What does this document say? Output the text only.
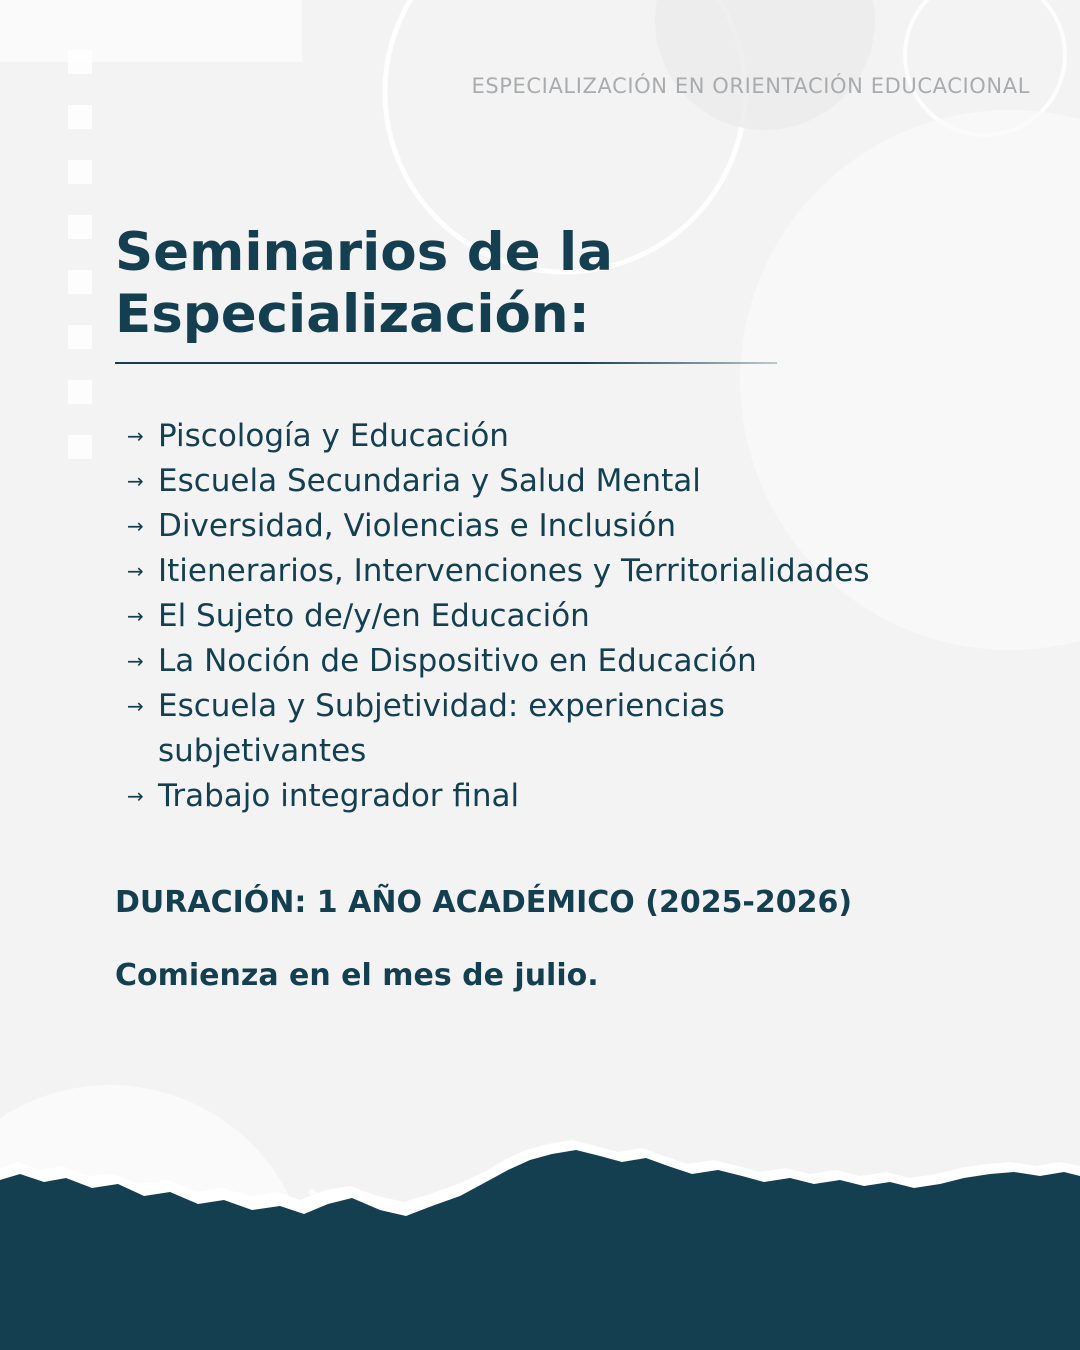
ESPECIALIZACIÓN EN ORIENTACIÓN EDUCACIONAL
Seminarios de la
Especialización:
→ Piscología y Educación
→ Escuela Secundaria y Salud Mental
→ Diversidad, Violencias e Inclusión
→ Itienerarios, Intervenciones y Territorialidades
→ El Sujeto de/y/en Educación
→ La Noción de Dispositivo en Educación
→ Escuela y Subjetividad: experiencias subjetivantes
→ Trabajo integrador final
DURACIÓN: 1 AÑO ACADÉMICO (2025-2026)
Comienza en el mes de julio.
